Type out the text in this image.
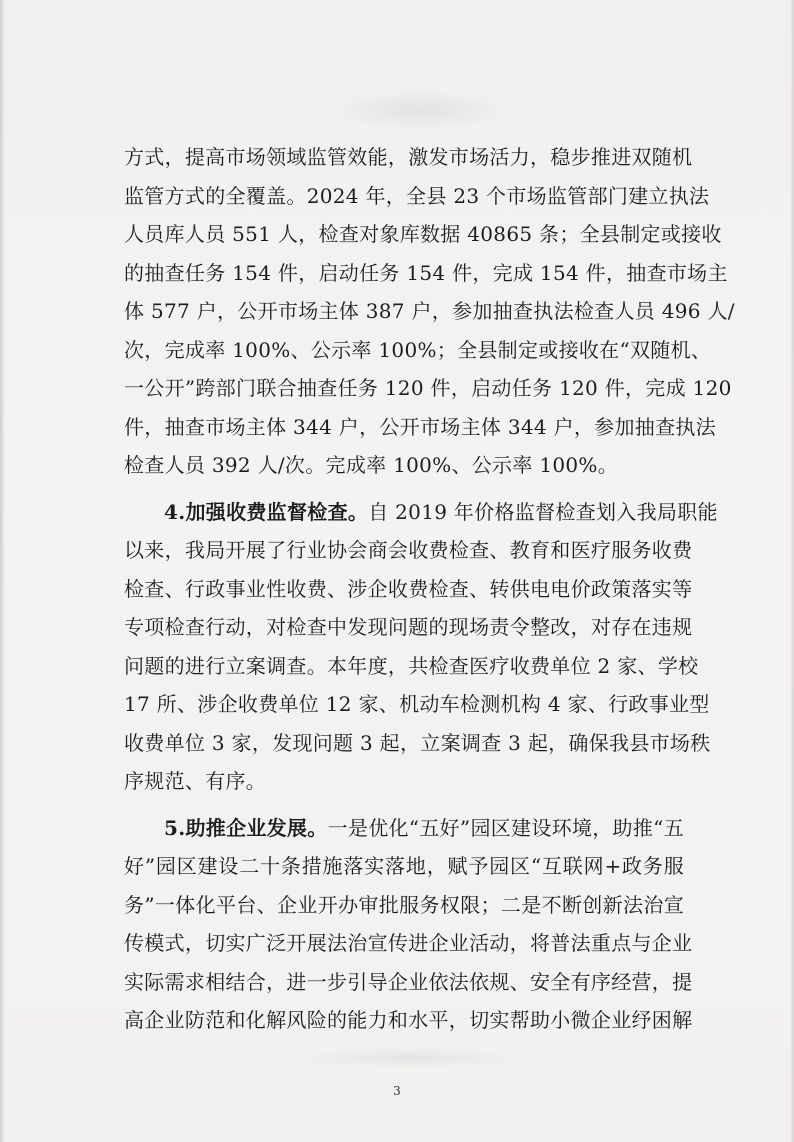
方式，提高市场领域监管效能，激发市场活力，稳步推进双随机
监管方式的全覆盖。2024 年，全县 23 个市场监管部门建立执法
人员库人员 551 人，检查对象库数据 40865 条；全县制定或接收
的抽查任务 154 件，启动任务 154 件，完成 154 件，抽查市场主
体 577 户，公开市场主体 387 户，参加抽查执法检查人员 496 人/
次，完成率 100%、公示率 100%；全县制定或接收在“双随机、
一公开”跨部门联合抽查任务 120 件，启动任务 120 件，完成 120
件，抽查市场主体 344 户，公开市场主体 344 户，参加抽查执法
检查人员 392 人/次。完成率 100%、公示率 100%。
4.加强收费监督检查。自 2019 年价格监督检查划入我局职能
以来，我局开展了行业协会商会收费检查、教育和医疗服务收费
检查、行政事业性收费、涉企收费检查、转供电电价政策落实等
专项检查行动，对检查中发现问题的现场责令整改，对存在违规
问题的进行立案调查。本年度，共检查医疗收费单位 2 家、学校
17 所、涉企收费单位 12 家、机动车检测机构 4 家、行政事业型
收费单位 3 家，发现问题 3 起，立案调查 3 起，确保我县市场秩
序规范、有序。
5.助推企业发展。一是优化“五好”园区建设环境，助推“五
好”园区建设二十条措施落实落地，赋予园区“互联网+政务服
务”一体化平台、企业开办审批服务权限；二是不断创新法治宣
传模式，切实广泛开展法治宣传进企业活动，将普法重点与企业
实际需求相结合，进一步引导企业依法依规、安全有序经营，提
高企业防范和化解风险的能力和水平，切实帮助小微企业纾困解
3
